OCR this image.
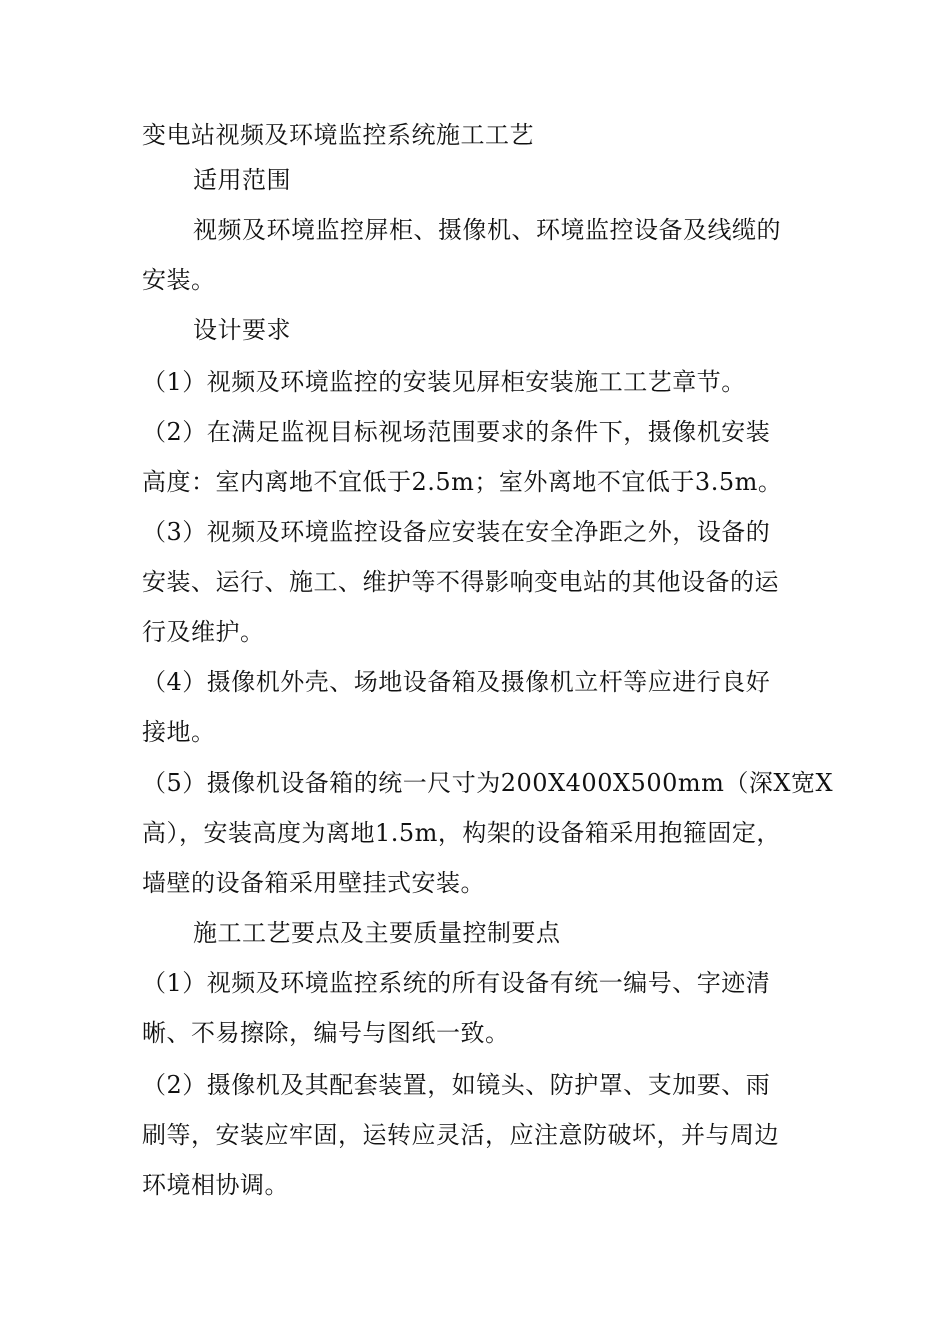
变电站视频及环境监控系统施工工艺
适用范围
视频及环境监控屏柜、摄像机、环境监控设备及线缆的
安装。
设计要求
（1）视频及环境监控的安装见屏柜安装施工工艺章节。
（2）在满足监视目标视场范围要求的条件下，摄像机安装
高度：室内离地不宜低于2.5m；室外离地不宜低于3.5m。
（3）视频及环境监控设备应安装在安全净距之外，设备的
安装、运行、施工、维护等不得影响变电站的其他设备的运
行及维护。
（4）摄像机外壳、场地设备箱及摄像机立杆等应进行良好
接地。
（5）摄像机设备箱的统一尺寸为200X400X500mm（深X宽X
高），安装高度为离地1.5m，构架的设备箱采用抱箍固定，
墙壁的设备箱采用壁挂式安装。
施工工艺要点及主要质量控制要点
（1）视频及环境监控系统的所有设备有统一编号、字迹清
晰、不易擦除，编号与图纸一致。
（2）摄像机及其配套装置，如镜头、防护罩、支加要、雨
刷等，安装应牢固，运转应灵活，应注意防破坏，并与周边
环境相协调。
